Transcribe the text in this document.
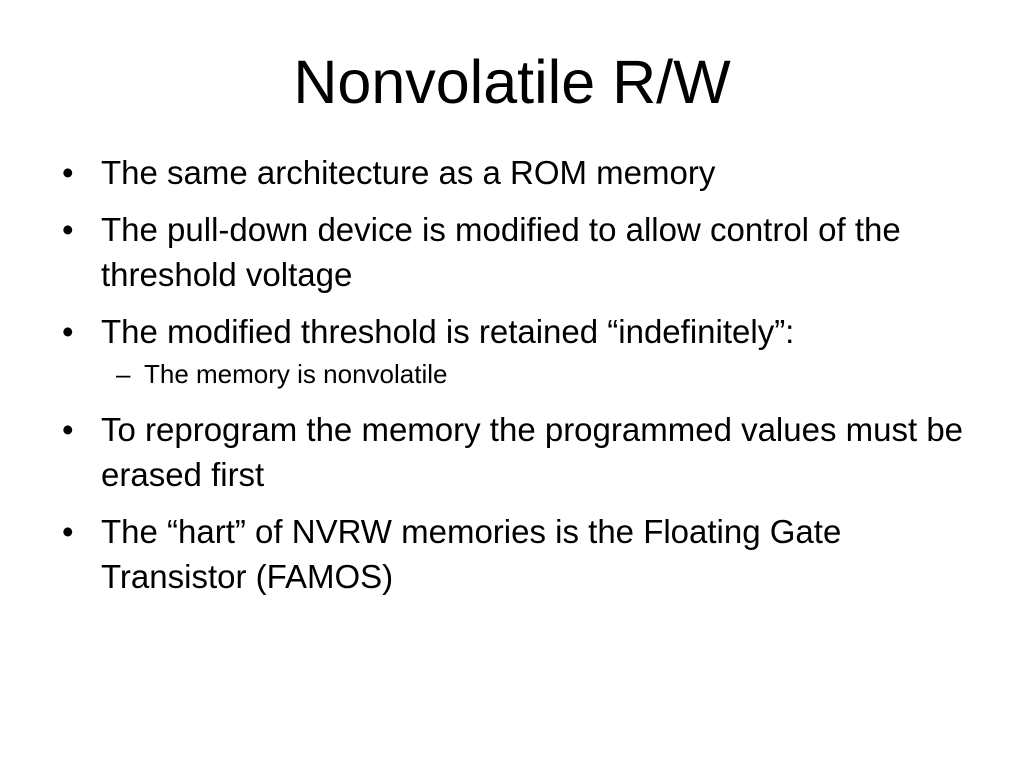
Nonvolatile R/W
• The same architecture as a ROM memory
• The pull-down device is modified to allow control of the threshold voltage
• The modified threshold is retained “indefinitely”:
– The memory is nonvolatile
• To reprogram the memory the programmed values must be erased first
• The “hart” of NVRW memories is the Floating Gate Transistor (FAMOS)
